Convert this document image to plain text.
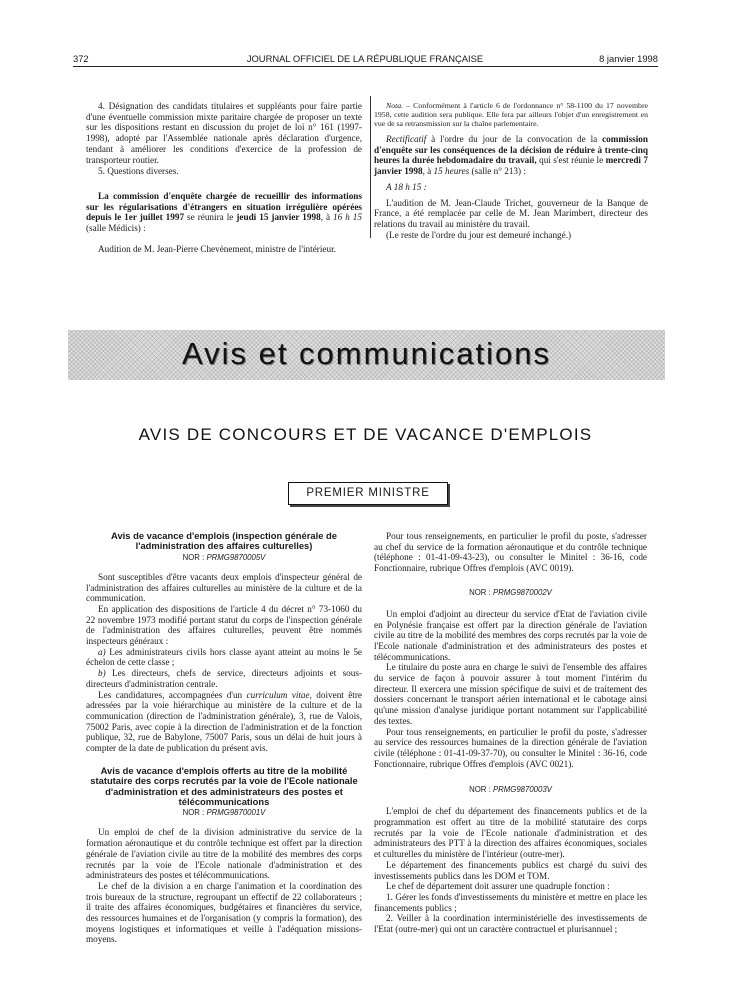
372	JOURNAL OFFICIEL DE LA RÉPUBLIQUE FRANÇAISE	8 janvier 1998

4. Désignation des candidats titulaires et suppléants pour faire partie d'une éventuelle commission mixte paritaire chargée de proposer un texte sur les dispositions restant en discussion du projet de loi n° 161 (1997-1998), adopté par l'Assemblée nationale après déclaration d'urgence, tendant à améliorer les conditions d'exercice de la profession de transporteur routier.

5. Questions diverses.

La commission d'enquête chargée de recueillir des informations sur les régularisations d'étrangers en situation irrégulière opérées depuis le 1er juillet 1997 se réunira le jeudi 15 janvier 1998, à 16 h 15 (salle Médicis) :

Audition de M. Jean-Pierre Chevènement, ministre de l'intérieur.

Nota. – Conformément à l'article 6 de l'ordonnance n° 58-1100 du 17 novembre 1958, cette audition sera publique. Elle fera par ailleurs l'objet d'un enregistrement en vue de sa retransmission sur la chaîne parlementaire.

Rectificatif à l'ordre du jour de la convocation de la commission d'enquête sur les conséquences de la décision de réduire à trente-cinq heures la durée hebdomadaire du travail, qui s'est réunie le mercredi 7 janvier 1998, à 15 heures (salle n° 213) :

A 18 h 15 :

L'audition de M. Jean-Claude Trichet, gouverneur de la Banque de France, a été remplacée par celle de M. Jean Marimbert, directeur des relations du travail au ministère du travail.

(Le reste de l'ordre du jour est demeuré inchangé.)

Avis et communications
AVIS DE CONCOURS ET DE VACANCE D'EMPLOIS
PREMIER MINISTRE

Avis de vacance d'emplois (inspection générale de l'administration des affaires culturelles)

NOR : PRMG9870005V

Sont susceptibles d'être vacants deux emplois d'inspecteur général de l'administration des affaires culturelles au ministère de la culture et de la communication.

En application des dispositions de l'article 4 du décret n° 73-1060 du 22 novembre 1973 modifié portant statut du corps de l'inspection générale de l'administration des affaires culturelles, peuvent être nommés inspecteurs généraux :

a) Les administrateurs civils hors classe ayant atteint au moins le 5e échelon de cette classe ;

b) Les directeurs, chefs de service, directeurs adjoints et sous-directeurs d'administration centrale.

Les candidatures, accompagnées d'un curriculum vitae, doivent être adressées par la voie hiérarchique au ministère de la culture et de la communication (direction de l'administration générale), 3, rue de Valois, 75002 Paris, avec copie à la direction de l'administration et de la fonction publique, 32, rue de Babylone, 75007 Paris, sous un délai de huit jours à compter de la date de publication du présent avis.

Avis de vacance d'emplois offerts au titre de la mobilité statutaire des corps recrutés par la voie de l'Ecole nationale d'administration et des administrateurs des postes et télécommunications

NOR : PRMG9870001V

Un emploi de chef de la division administrative du service de la formation aéronautique et du contrôle technique est offert par la direction générale de l'aviation civile au titre de la mobilité des membres des corps recrutés par la voie de l'Ecole nationale d'administration et des administrateurs des postes et télécommunications.

Le chef de la division a en charge l'animation et la coordination des trois bureaux de la structure, regroupant un effectif de 22 collaborateurs ; il traite des affaires économiques, budgétaires et financières du service, des ressources humaines et de l'organisation (y compris la formation), des moyens logistiques et informatiques et veille à l'adéquation missions-moyens.

Pour tous renseignements, en particulier le profil du poste, s'adresser au chef du service de la formation aéronautique et du contrôle technique (téléphone : 01-41-09-43-23), ou consulter le Minitel : 36-16, code Fonctionnaire, rubrique Offres d'emplois (AVC 0019).

NOR : PRMG9870002V

Un emploi d'adjoint au directeur du service d'Etat de l'aviation civile en Polynésie française est offert par la direction générale de l'aviation civile au titre de la mobilité des membres des corps recrutés par la voie de l'Ecole nationale d'administration et des administrateurs des postes et télécommunications.

Le titulaire du poste aura en charge le suivi de l'ensemble des affaires du service de façon à pouvoir assurer à tout moment l'intérim du directeur. Il exercera une mission spécifique de suivi et de traitement des dossiers concernant le transport aérien international et le cabotage ainsi qu'une mission d'analyse juridique portant notamment sur l'applicabilité des textes.

Pour tous renseignements, en particulier le profil du poste, s'adresser au service des ressources humaines de la direction générale de l'aviation civile (téléphone : 01-41-09-37-70), ou consulter le Minitel : 36-16, code Fonctionnaire, rubrique Offres d'emplois (AVC 0021).

NOR : PRMG9870003V

L'emploi de chef du département des financements publics et de la programmation est offert au titre de la mobilité statutaire des corps recrutés par la voie de l'Ecole nationale d'administration et des administrateurs des PTT à la direction des affaires économiques, sociales et culturelles du ministère de l'intérieur (outre-mer).

Le département des financements publics est chargé du suivi des investissements publics dans les DOM et TOM.

Le chef de département doit assurer une quadruple fonction :

1. Gérer les fonds d'investissements du ministère et mettre en place les financements publics ;

2. Veiller à la coordination interministérielle des investissements de l'Etat (outre-mer) qui ont un caractère contractuel et plurisannuel ;
